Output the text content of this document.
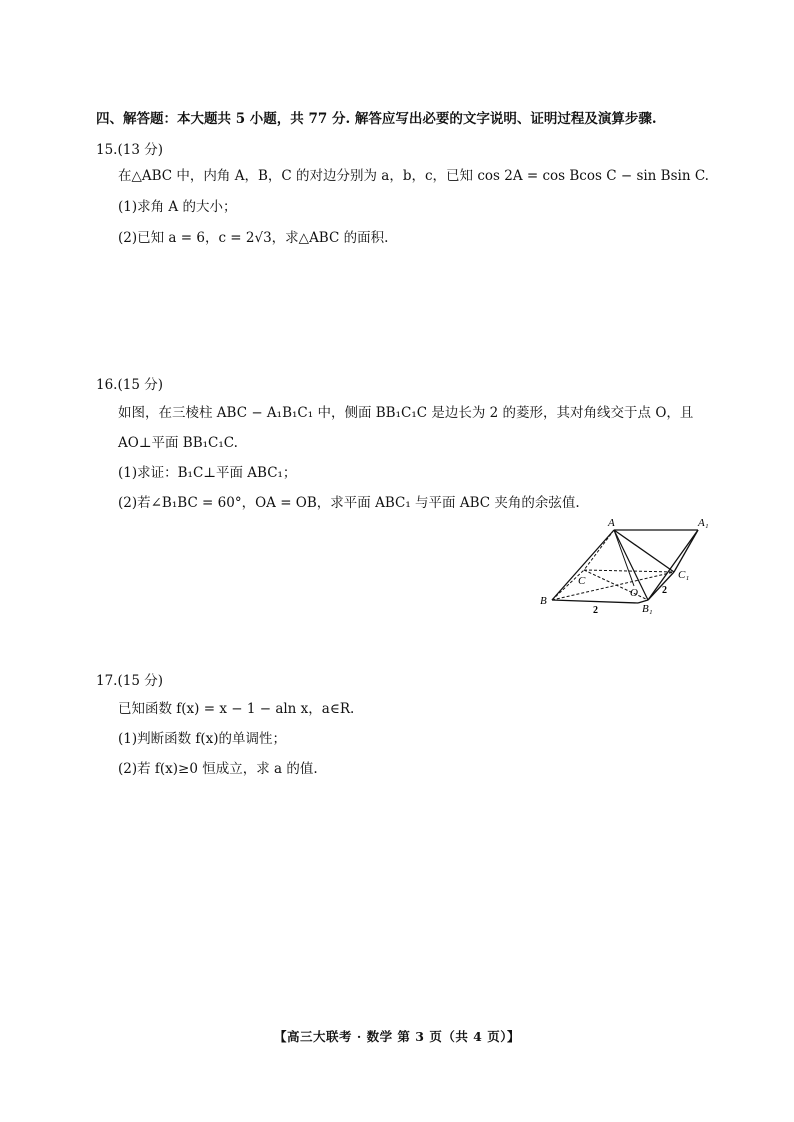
四、解答题：本大题共 5 小题，共 77 分. 解答应写出必要的文字说明、证明过程及演算步骤.
15.(13 分)
在△ABC 中，内角 A，B，C 的对边分别为 a，b，c，已知 cos 2A = cos Bcos C − sin Bsin C.
(1)求角 A 的大小；
(2)已知 a = 6，c = 2√3，求△ABC 的面积.
16.(15 分)
如图，在三棱柱 ABC − A₁B₁C₁ 中，侧面 BB₁C₁C 是边长为 2 的菱形，其对角线交于点 O，且
AO⊥平面 BB₁C₁C.
(1)求证：B₁C⊥平面 ABC₁；
(2)若∠B₁BC = 60°，OA = OB，求平面 ABC₁ 与平面 ABC 夹角的余弦值.
A	A₁
B
B₁
C	C₁
O
2
2
17.(15 分)
已知函数 f(x) = x − 1 − aln x，a∈R.
(1)判断函数 f(x)的单调性；
(2)若 f(x)≥0 恒成立，求 a 的值.
【高三大联考 · 数学 第 3 页（共 4 页）】
